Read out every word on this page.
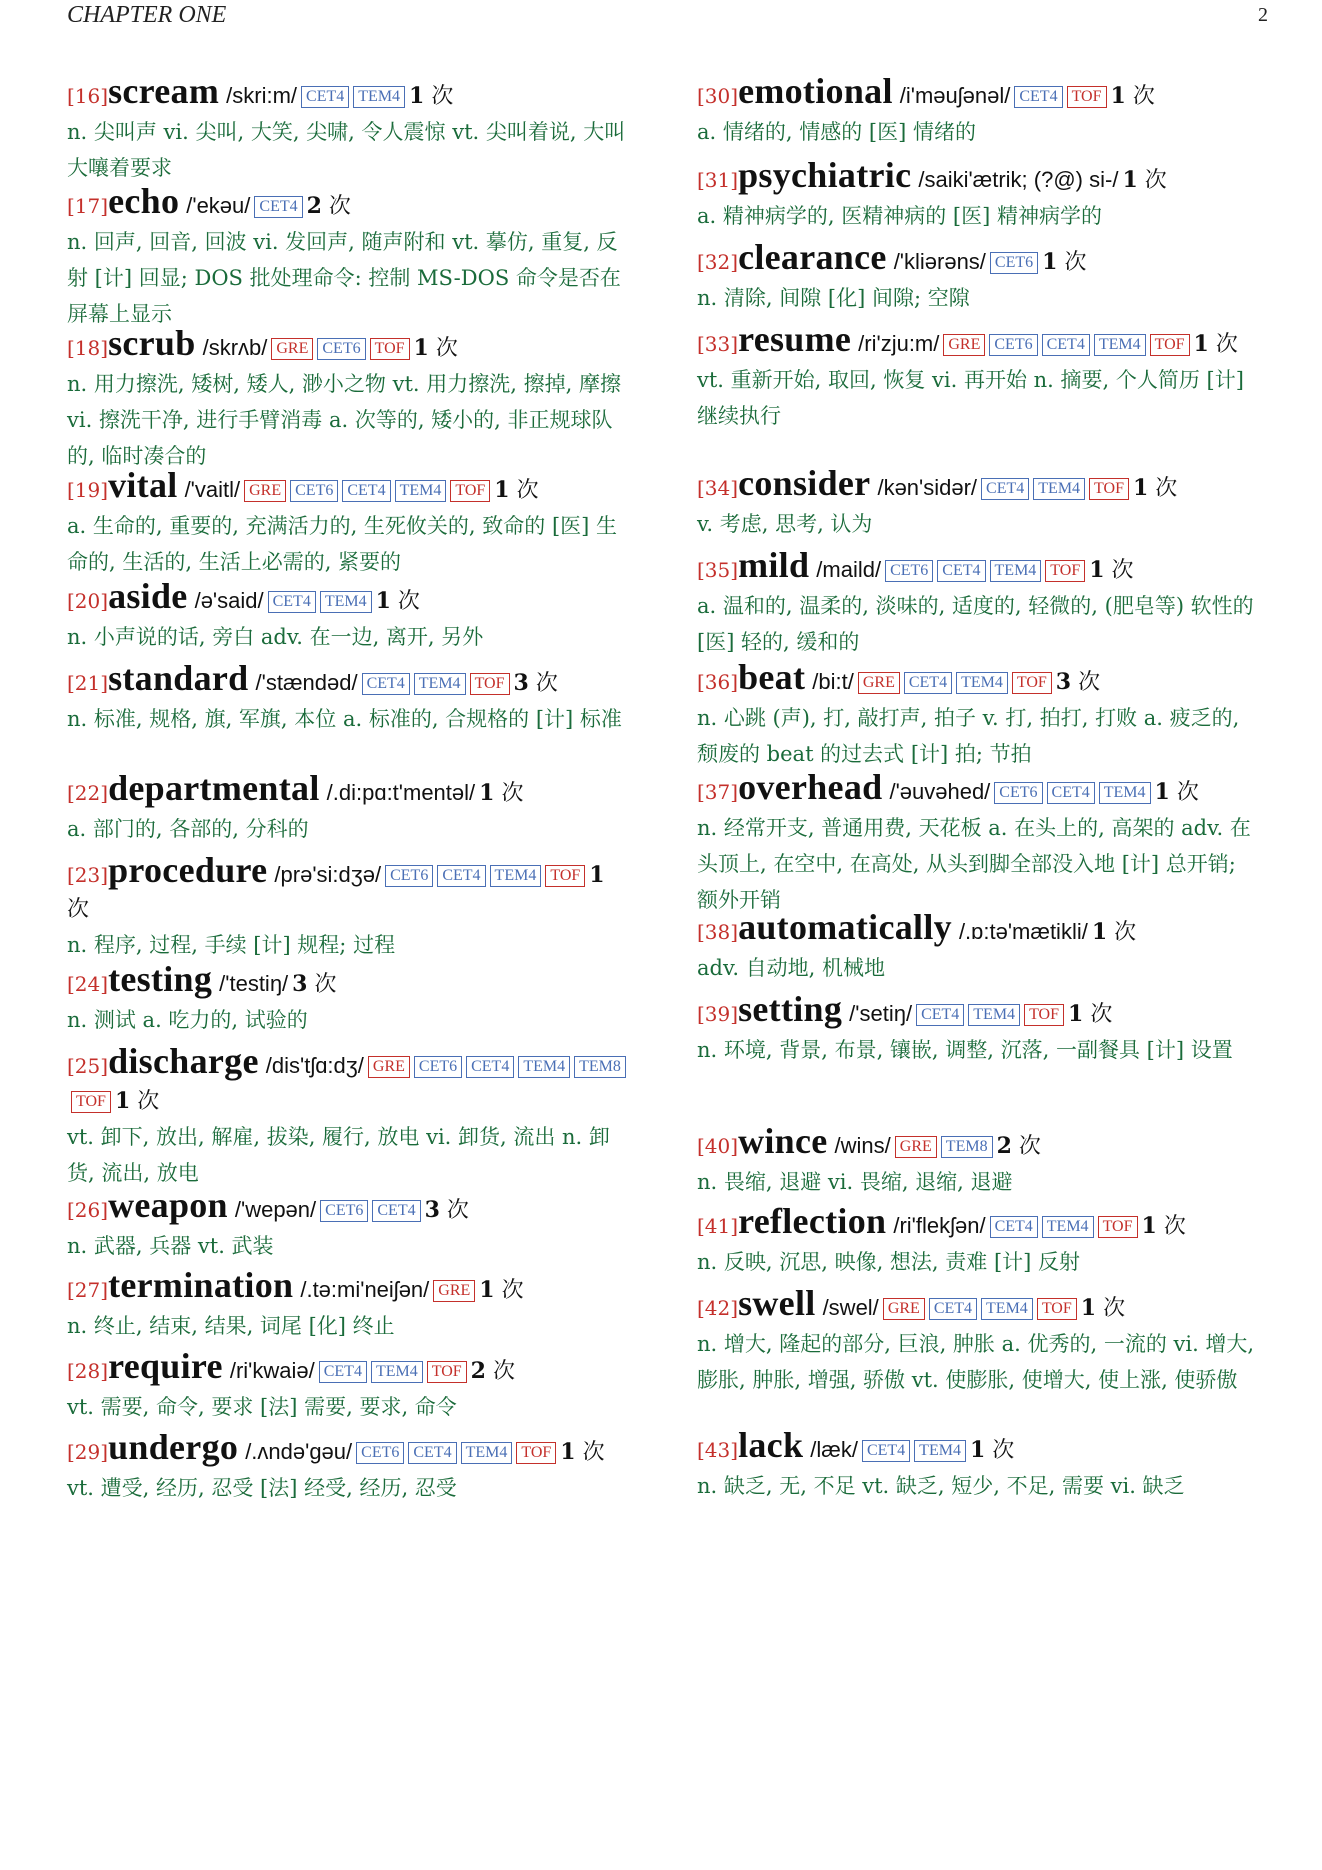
CHAPTER ONE	2
[16]scream /skri:m/ CET4 TEM4 1 次
n. 尖叫声 vi. 尖叫, 大笑, 尖啸, 令人震惊 vt. 尖叫着说, 大叫大嚷着要求
[17]echo /'ekəu/ CET4 2 次
n. 回声, 回音, 回波 vi. 发回声, 随声附和 vt. 摹仿, 重复, 反射 [计] 回显; DOS 批处理命令: 控制 MS-DOS 命令是否在屏幕上显示
[18]scrub /skrʌb/ GRE CET6 TOF 1 次
n. 用力擦洗, 矮树, 矮人, 渺小之物 vt. 用力擦洗, 擦掉, 摩擦 vi. 擦洗干净, 进行手臂消毒 a. 次等的, 矮小的, 非正规球队的, 临时凑合的
[19]vital /'vaitl/ GRE CET6 CET4 TEM4 TOF 1 次
a. 生命的, 重要的, 充满活力的, 生死攸关的, 致命的 [医] 生命的, 生活的, 生活上必需的, 紧要的
[20]aside /ə'said/ CET4 TEM4 1 次
n. 小声说的话, 旁白 adv. 在一边, 离开, 另外
[21]standard /'stændəd/ CET4 TEM4 TOF 3 次
n. 标准, 规格, 旗, 军旗, 本位 a. 标准的, 合规格的 [计] 标准
[22]departmental /.di:pɑ:t'mentəl/ 1 次
a. 部门的, 各部的, 分科的
[23]procedure /prə'si:dʒə/ CET6 CET4 TEM4 TOF 1 次
n. 程序, 过程, 手续 [计] 规程; 过程
[24]testing /'testiŋ/ 3 次
n. 测试 a. 吃力的, 试验的
[25]discharge /dis'tʃɑ:dʒ/ GRE CET6 CET4 TEM4 TEM8TOF 1 次
vt. 卸下, 放出, 解雇, 拔染, 履行, 放电 vi. 卸货, 流出 n. 卸货, 流出, 放电
[26]weapon /'wepən/ CET6 CET4 3 次
n. 武器, 兵器 vt. 武装
[27]termination /.tə:mi'neiʃən/ GRE 1 次
n. 终止, 结束, 结果, 词尾 [化] 终止
[28]require /ri'kwaiə/ CET4 TEM4 TOF 2 次
vt. 需要, 命令, 要求 [法] 需要, 要求, 命令
[29]undergo /.ʌndə'gəu/ CET6 CET4 TEM4 TOF 1 次
vt. 遭受, 经历, 忍受 [法] 经受, 经历, 忍受
[30]emotional /i'məuʃənəl/ CET4 TOF 1 次
a. 情绪的, 情感的 [医] 情绪的
[31]psychiatric /saiki'ætrik; (?@) si-/ 1 次
a. 精神病学的, 医精神病的 [医] 精神病学的
[32]clearance /'kliərəns/ CET6 1 次
n. 清除, 间隙 [化] 间隙; 空隙
[33]resume /ri'zju:m/ GRE CET6 CET4 TEM4 TOF 1 次
vt. 重新开始, 取回, 恢复 vi. 再开始 n. 摘要, 个人简历 [计] 继续执行
[34]consider /kən'sidər/ CET4 TEM4 TOF 1 次
v. 考虑, 思考, 认为
[35]mild /maild/ CET6 CET4 TEM4 TOF 1 次
a. 温和的, 温柔的, 淡味的, 适度的, 轻微的, (肥皂等) 软性的 [医] 轻的, 缓和的
[36]beat /bi:t/ GRE CET4 TEM4 TOF 3 次
n. 心跳 (声), 打, 敲打声, 拍子 v. 打, 拍打, 打败 a. 疲乏的, 颓废的 beat 的过去式 [计] 拍; 节拍
[37]overhead /'əuvəhed/ CET6 CET4 TEM4 1 次
n. 经常开支, 普通用费, 天花板 a. 在头上的, 高架的 adv. 在头顶上, 在空中, 在高处, 从头到脚全部没入地 [计] 总开销; 额外开销
[38]automatically /.ɒ:tə'mætikli/ 1 次
adv. 自动地, 机械地
[39]setting /'setiŋ/ CET4 TEM4 TOF 1 次
n. 环境, 背景, 布景, 镶嵌, 调整, 沉落, 一副餐具 [计] 设置
[40]wince /wins/ GRE TEM8 2 次
n. 畏缩, 退避 vi. 畏缩, 退缩, 退避
[41]reflection /ri'flekʃən/ CET4 TEM4 TOF 1 次
n. 反映, 沉思, 映像, 想法, 责难 [计] 反射
[42]swell /swel/ GRE CET4 TEM4 TOF 1 次
n. 增大, 隆起的部分, 巨浪, 肿胀 a. 优秀的, 一流的 vi. 增大, 膨胀, 肿胀, 增强, 骄傲 vt. 使膨胀, 使增大, 使上涨, 使骄傲
[43]lack /læk/ CET4 TEM4 1 次
n. 缺乏, 无, 不足 vt. 缺乏, 短少, 不足, 需要 vi. 缺乏
